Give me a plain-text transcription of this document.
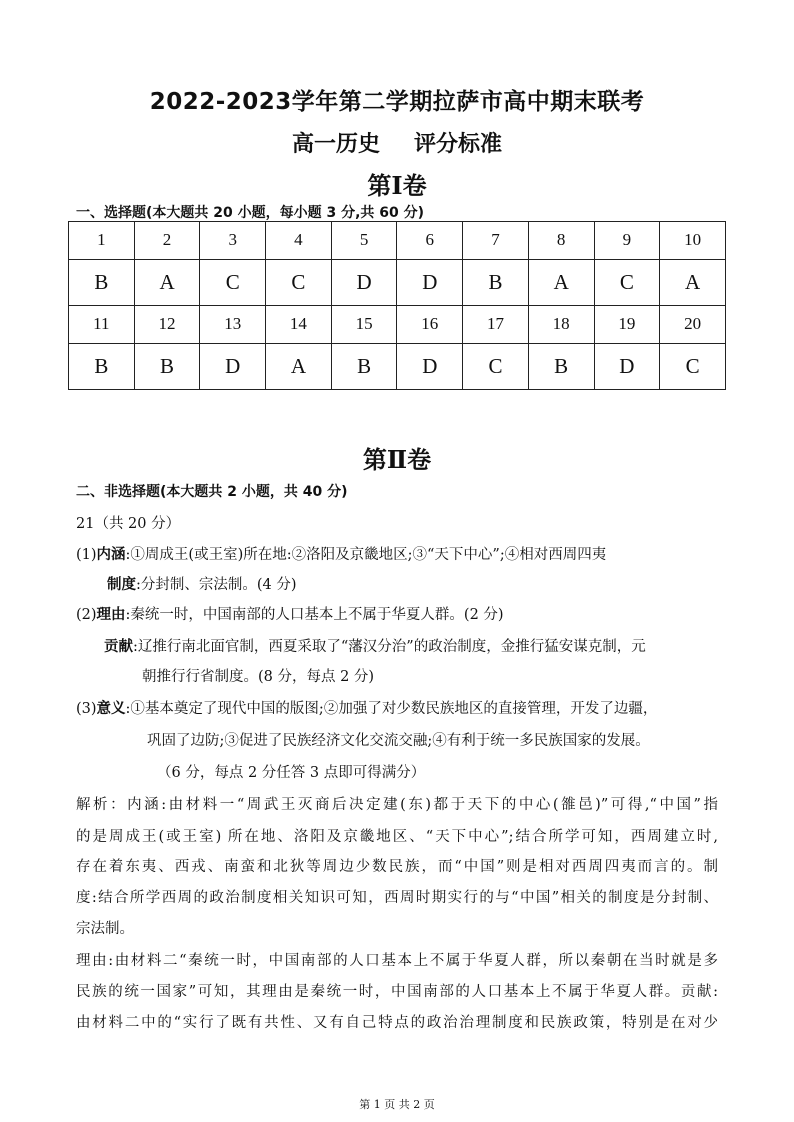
2022-2023学年第二学期拉萨市高中期末联考
高一历史 评分标准
第Ⅰ卷
一、选择题(本大题共 20 小题，每小题 3 分,共 60 分)
1	2	3	4	5	6	7	8	9	10
B	A	C	C	D	D	B	A	C	A
11	12	13	14	15	16	17	18	19	20
B	B	D	A	B	D	C	B	D	C
第Ⅱ卷
二、非选择题(本大题共 2 小题，共 40 分)
21（共 20 分）
(1)内涵:①周成王(或王室)所在地:②洛阳及京畿地区;③“天下中心”;④相对西周四夷
制度:分封制、宗法制。(4 分)
(2)理由:秦统一时，中国南部的人口基本上不属于华夏人群。(2 分)
贡献:辽推行南北面官制，西夏采取了“藩汉分治”的政治制度，金推行猛安谋克制，元
朝推行行省制度。(8 分，每点 2 分)
(3)意义:①基本奠定了现代中国的版图;②加强了对少数民族地区的直接管理，开发了边疆，
巩固了边防;③促进了民族经济文化交流交融;④有利于统一多民族国家的发展。
（6 分，每点 2 分任答 3 点即可得满分）
解析：内涵:由材料一“周武王灭商后决定建(东)都于天下的中心(雒邑)”可得,“中国”指
的是周成王(或王室) 所在地、洛阳及京畿地区、“天下中心”;结合所学可知，西周建立时,
存在着东夷、西戎、南蛮和北狄等周边少数民族，而“中国”则是相对西周四夷而言的。制
度:结合所学西周的政治制度相关知识可知，西周时期实行的与“中国”相关的制度是分封制、
宗法制。
理由:由材料二“秦统一时，中国南部的人口基本上不属于华夏人群，所以秦朝在当时就是多
民族的统一国家”可知，其理由是秦统一时，中国南部的人口基本上不属于华夏人群。贡献:
由材料二中的“实行了既有共性、又有自己特点的政治治理制度和民族政策，特别是在对少
第 1 页 共 2 页
